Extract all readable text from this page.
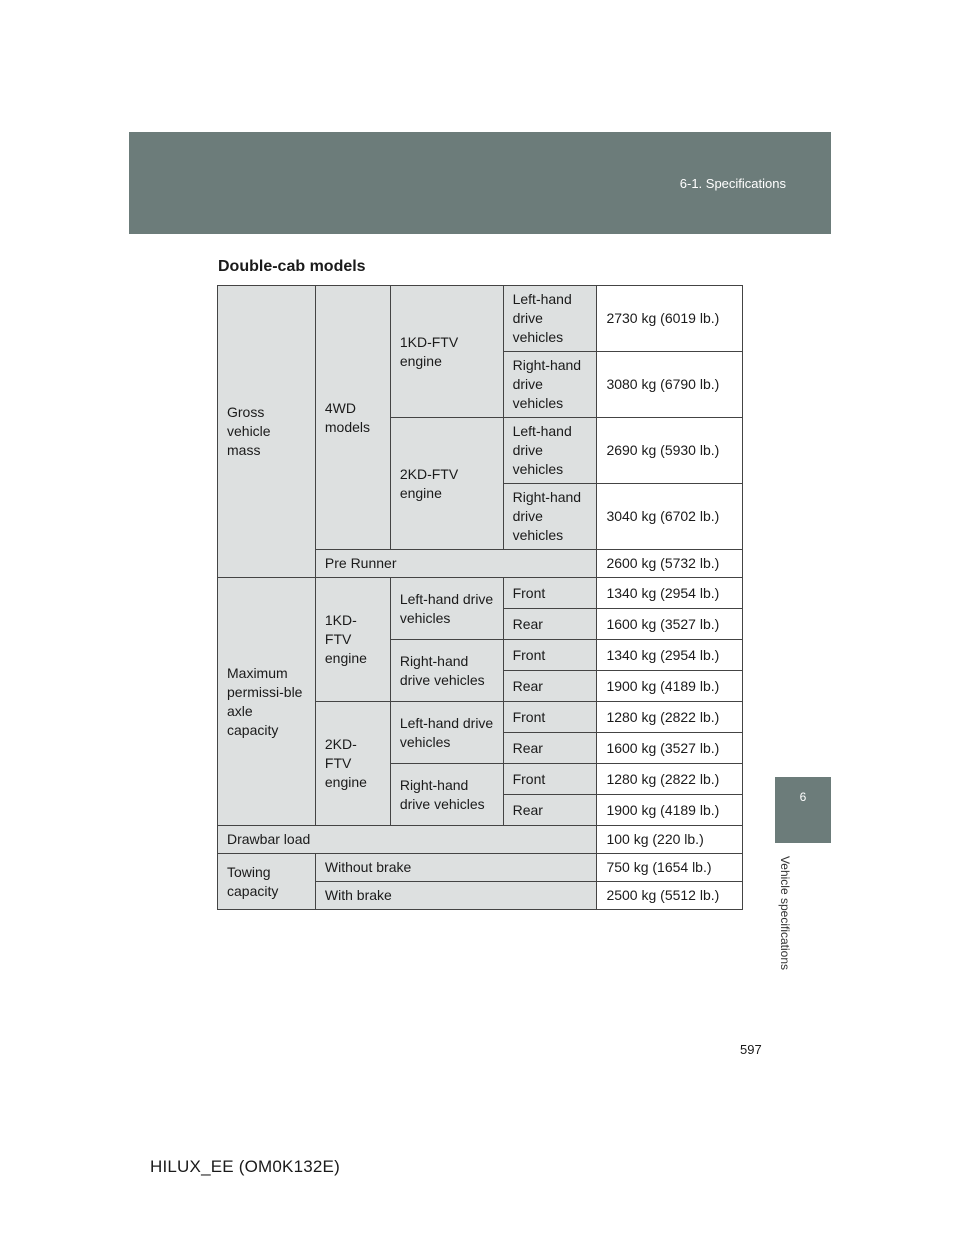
6-1. Specifications
6
Vehicle specifications
Double-cab models
Gross vehicle mass	4WD models	1KD-FTV engine	Left-hand drive vehicles	2730 kg (6019 lb.)
			Right-hand drive vehicles	3080 kg (6790 lb.)
		2KD-FTV engine	Left-hand drive vehicles	2690 kg (5930 lb.)
			Right-hand drive vehicles	3040 kg (6702 lb.)
	Pre Runner			2600 kg (5732 lb.)
Maximum permissi-ble axle capacity	1KD-FTV engine	Left-hand drive vehicles	Front	1340 kg (2954 lb.)
			Rear	1600 kg (3527 lb.)
		Right-hand drive vehicles	Front	1340 kg (2954 lb.)
			Rear	1900 kg (4189 lb.)
	2KD-FTV engine	Left-hand drive vehicles	Front	1280 kg (2822 lb.)
			Rear	1600 kg (3527 lb.)
		Right-hand drive vehicles	Front	1280 kg (2822 lb.)
			Rear	1900 kg (4189 lb.)
Drawbar load				100 kg (220 lb.)
Towing capacity	Without brake			750 kg (1654 lb.)
	With brake			2500 kg (5512 lb.)
597
HILUX_EE (OM0K132E)
